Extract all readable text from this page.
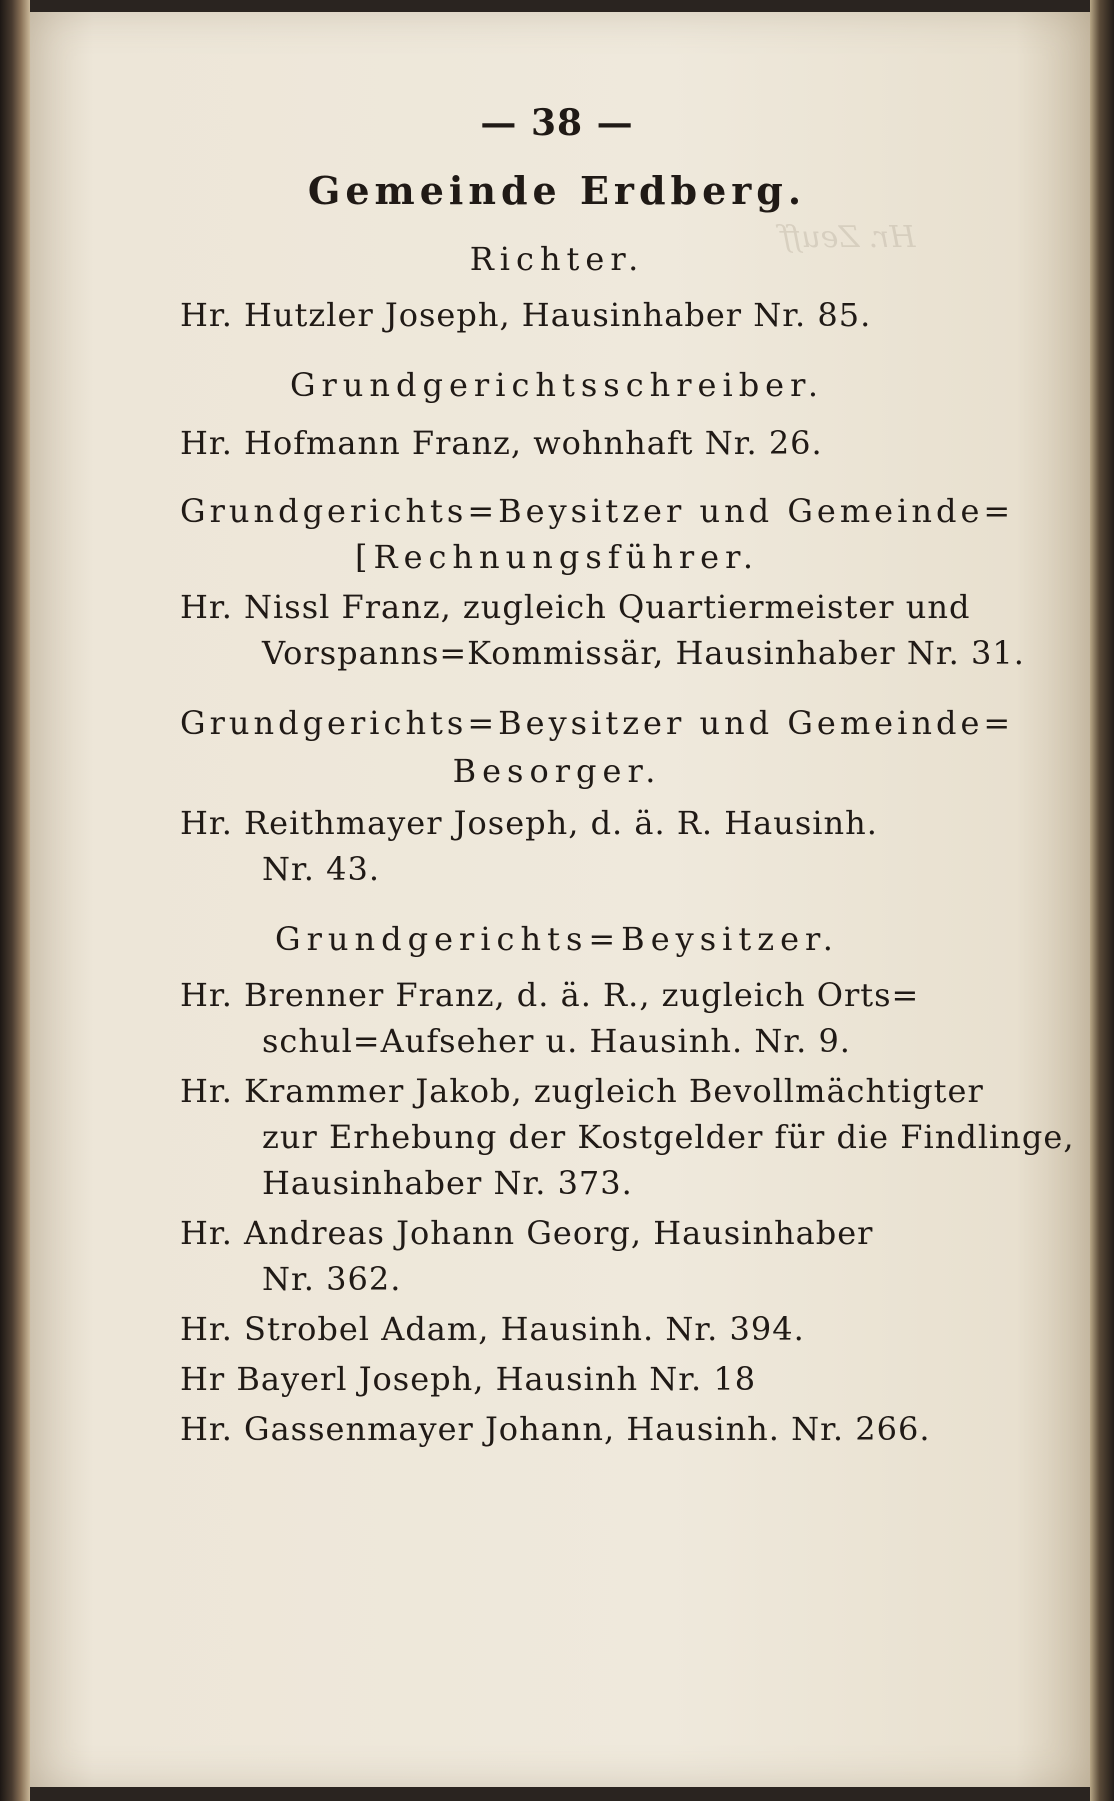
Hr. Zeuff
— 38 —
Gemeinde Erdberg.
Richter.
Hr. Hutzler Joseph, Hausinhaber Nr. 85.
Grundgerichtsschreiber.
Hr. Hofmann Franz, wohnhaft Nr. 26.
Grundgerichts=Beysitzer und Gemeinde=
[Rechnungsführer.
Hr. Nissl Franz, zugleich Quartiermeister und
Vorspanns=Kommissär, Hausinhaber Nr. 31.
Grundgerichts=Beysitzer und Gemeinde=
Besorger.
Hr. Reithmayer Joseph, d. ä. R. Hausinh.
Nr. 43.
Grundgerichts=Beysitzer.
Hr. Brenner Franz, d. ä. R., zugleich Orts=
schul=Aufseher u. Hausinh. Nr. 9.
Hr. Krammer Jakob, zugleich Bevollmächtigter
zur Erhebung der Kostgelder für die Findlinge,
Hausinhaber Nr. 373.
Hr. Andreas Johann Georg, Hausinhaber
Nr. 362.
Hr. Strobel Adam, Hausinh. Nr. 394.
Hr Bayerl Joseph, Hausinh Nr. 18
Hr. Gassenmayer Johann, Hausinh. Nr. 266.
